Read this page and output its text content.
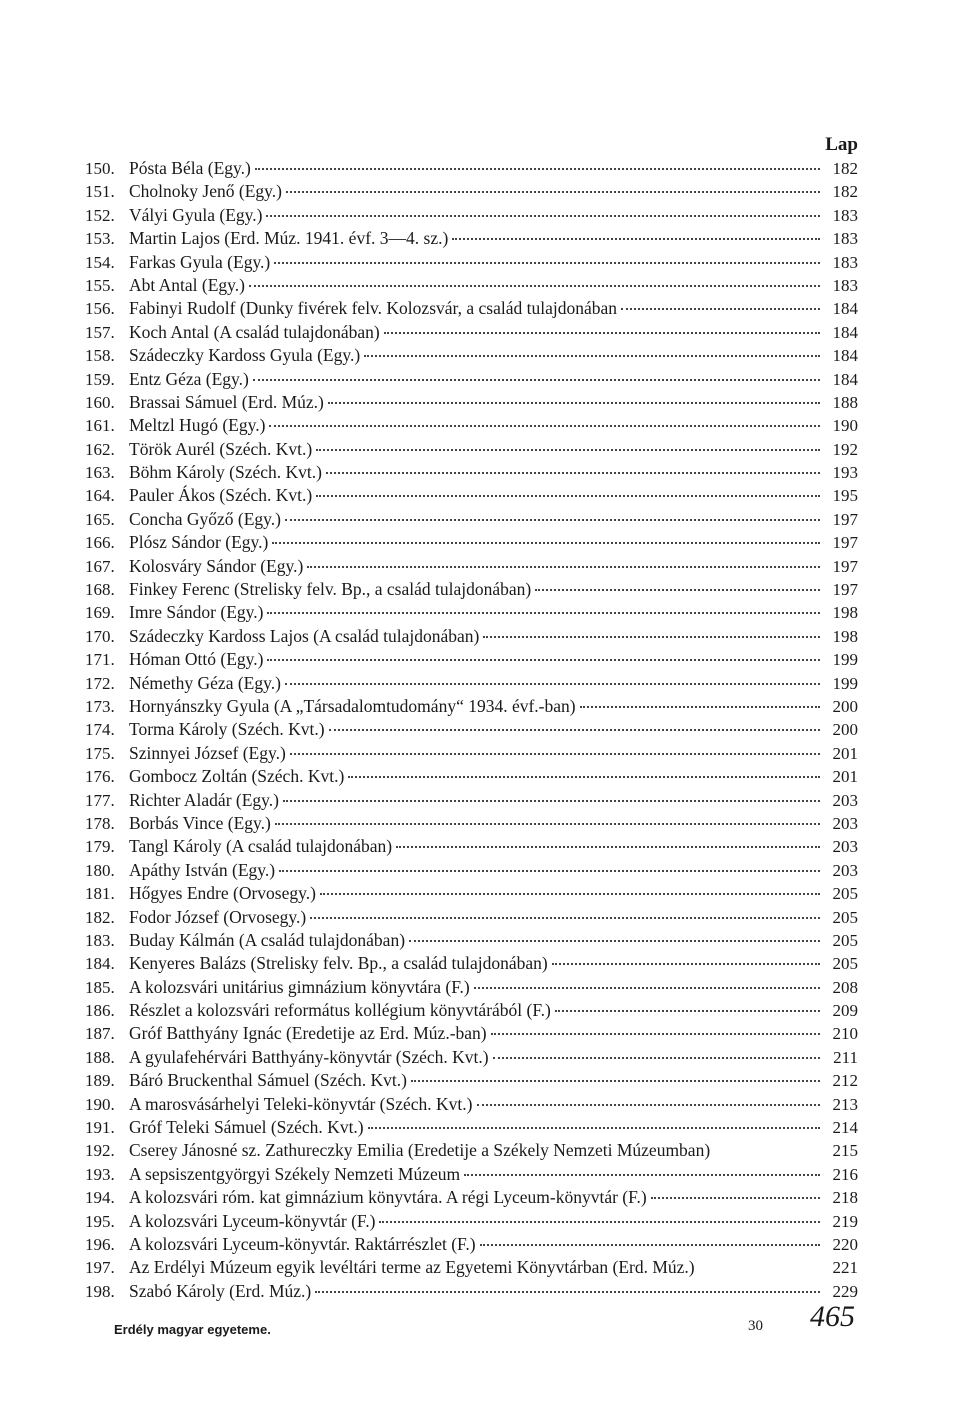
Lap
150. Pósta Béla (Egy.)	182
151. Cholnoky Jenő (Egy.)	182
152. Vályi Gyula (Egy.)	183
153. Martin Lajos (Erd. Múz. 1941. évf. 3—4. sz.)	183
154. Farkas Gyula (Egy.)	183
155. Abt Antal (Egy.)	183
156. Fabinyi Rudolf (Dunky fivérek felv. Kolozsvár, a család tulajdonában	184
157. Koch Antal (A család tulajdonában)	184
158. Szádeczky Kardoss Gyula (Egy.)	184
159. Entz Géza (Egy.)	184
160. Brassai Sámuel (Erd. Múz.)	188
161. Meltzl Hugó (Egy.)	190
162. Török Aurél (Széch. Kvt.)	192
163. Böhm Károly (Széch. Kvt.)	193
164. Pauler Ákos (Széch. Kvt.)	195
165. Concha Győző (Egy.)	197
166. Plósz Sándor (Egy.)	197
167. Kolosváry Sándor (Egy.)	197
168. Finkey Ferenc (Strelisky felv. Bp., a család tulajdonában)	197
169. Imre Sándor (Egy.)	198
170. Szádeczky Kardoss Lajos (A család tulajdonában)	198
171. Hóman Ottó (Egy.)	199
172. Némethy Géza (Egy.)	199
173. Hornyánszky Gyula (A „Társadalomtudomány“ 1934. évf.-ban)	200
174. Torma Károly (Széch. Kvt.)	200
175. Szinnyei József (Egy.)	201
176. Gombocz Zoltán (Széch. Kvt.)	201
177. Richter Aladár (Egy.)	203
178. Borbás Vince (Egy.)	203
179. Tangl Károly (A család tulajdonában)	203
180. Apáthy István (Egy.)	203
181. Hőgyes Endre (Orvosegy.)	205
182. Fodor József (Orvosegy.)	205
183. Buday Kálmán (A család tulajdonában)	205
184. Kenyeres Balázs (Strelisky felv. Bp., a család tulajdonában)	205
185. A kolozsvári unitárius gimnázium könyvtára (F.)	208
186. Részlet a kolozsvári református kollégium könyvtárából (F.)	209
187. Gróf Batthyány Ignác (Eredetije az Erd. Múz.-ban)	210
188. A gyulafehérvári Batthyány-könyvtár (Széch. Kvt.)	211
189. Báró Bruckenthal Sámuel (Széch. Kvt.)	212
190. A marosvásárhelyi Teleki-könyvtár (Széch. Kvt.)	213
191. Gróf Teleki Sámuel (Széch. Kvt.)	214
192. Cserey Jánosné sz. Zathureczky Emilia (Eredetije a Székely Nemzeti Múzeumban)	215
193. A sepsiszentgyörgyi Székely Nemzeti Múzeum	216
194. A kolozsvári róm. kat gimnázium könyvtára. A régi Lyceum-könyvtár (F.)	218
195. A kolozsvári Lyceum-könyvtár (F.)	219
196. A kolozsvári Lyceum-könyvtár. Raktárrészlet (F.)	220
197. Az Erdélyi Múzeum egyik levéltári terme az Egyetemi Könyvtárban (Erd. Múz.)	221
198. Szabó Károly (Erd. Múz.)	229
Erdély magyar egyeteme.	30 465
